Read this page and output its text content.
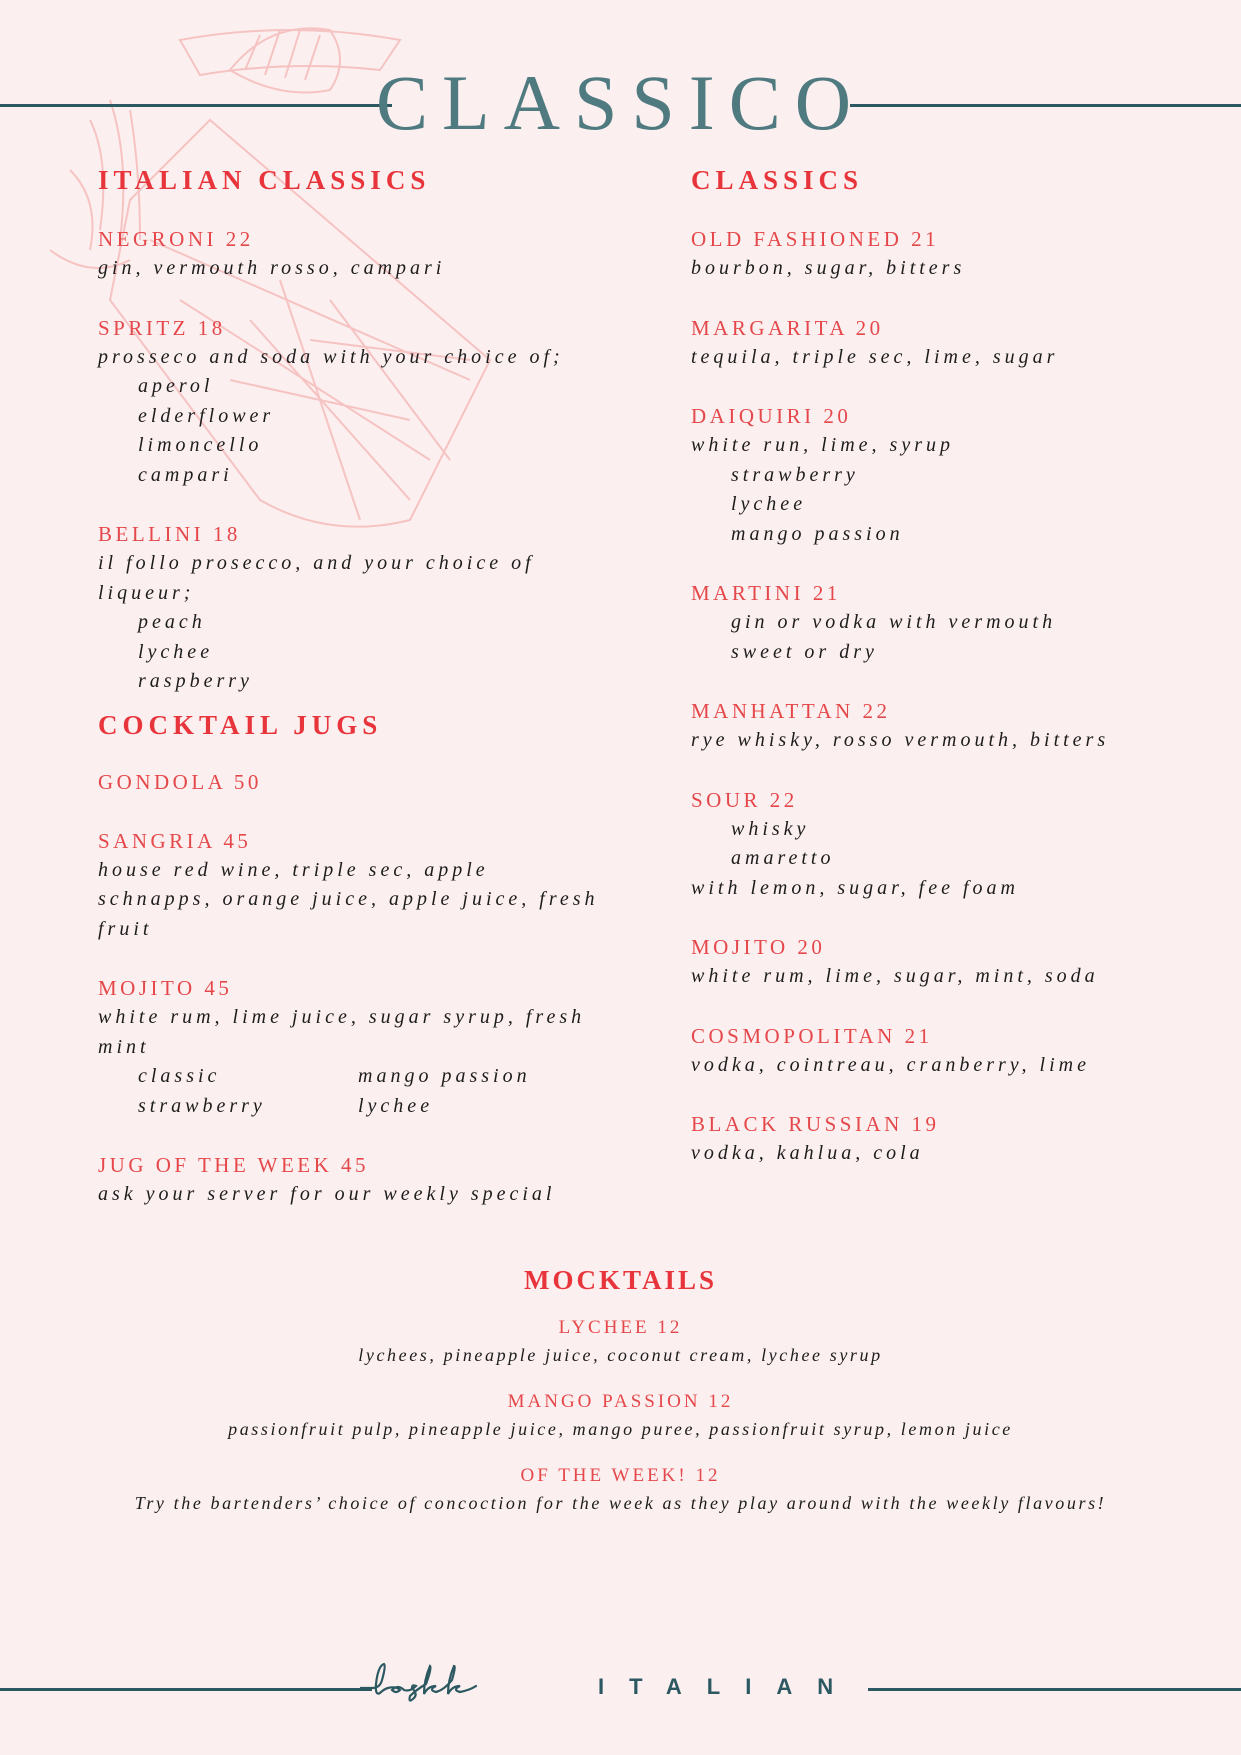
CLASSICO
ITALIAN CLASSICS
NEGRONI 22
gin, vermouth rosso, campari
SPRITZ 18
prosseco and soda with your choice of;
aperol
elderflower
limoncello
campari
BELLINI 18
il follo prosecco, and your choice of
liqueur;
peach
lychee
raspberry
COCKTAIL JUGS
GONDOLA 50
SANGRIA 45
house red wine, triple sec, apple
schnapps, orange juice, apple juice, fresh
fruit
MOJITO 45
white rum, lime juice, sugar syrup, fresh
mint
classic	mango passion
strawberry	lychee
JUG OF THE WEEK 45
ask your server for our weekly special
CLASSICS
OLD FASHIONED 21
bourbon, sugar, bitters
MARGARITA 20
tequila, triple sec, lime, sugar
DAIQUIRI 20
white run, lime, syrup
strawberry
lychee
mango passion
MARTINI 21
gin or vodka with vermouth
sweet or dry
MANHATTAN 22
rye whisky, rosso vermouth, bitters
SOUR 22
whisky
amaretto
with lemon, sugar, fee foam
MOJITO 20
white rum, lime, sugar, mint, soda
COSMOPOLITAN 21
vodka, cointreau, cranberry, lime
BLACK RUSSIAN 19
vodka, kahlua, cola
MOCKTAILS
LYCHEE 12
lychees, pineapple juice, coconut cream, lychee syrup
MANGO PASSION 12
passionfruit pulp, pineapple juice, mango puree, passionfruit syrup, lemon juice
OF THE WEEK! 12
Try the bartenders’ choice of concoction for the week as they play around with the weekly flavours!
ITALIAN
